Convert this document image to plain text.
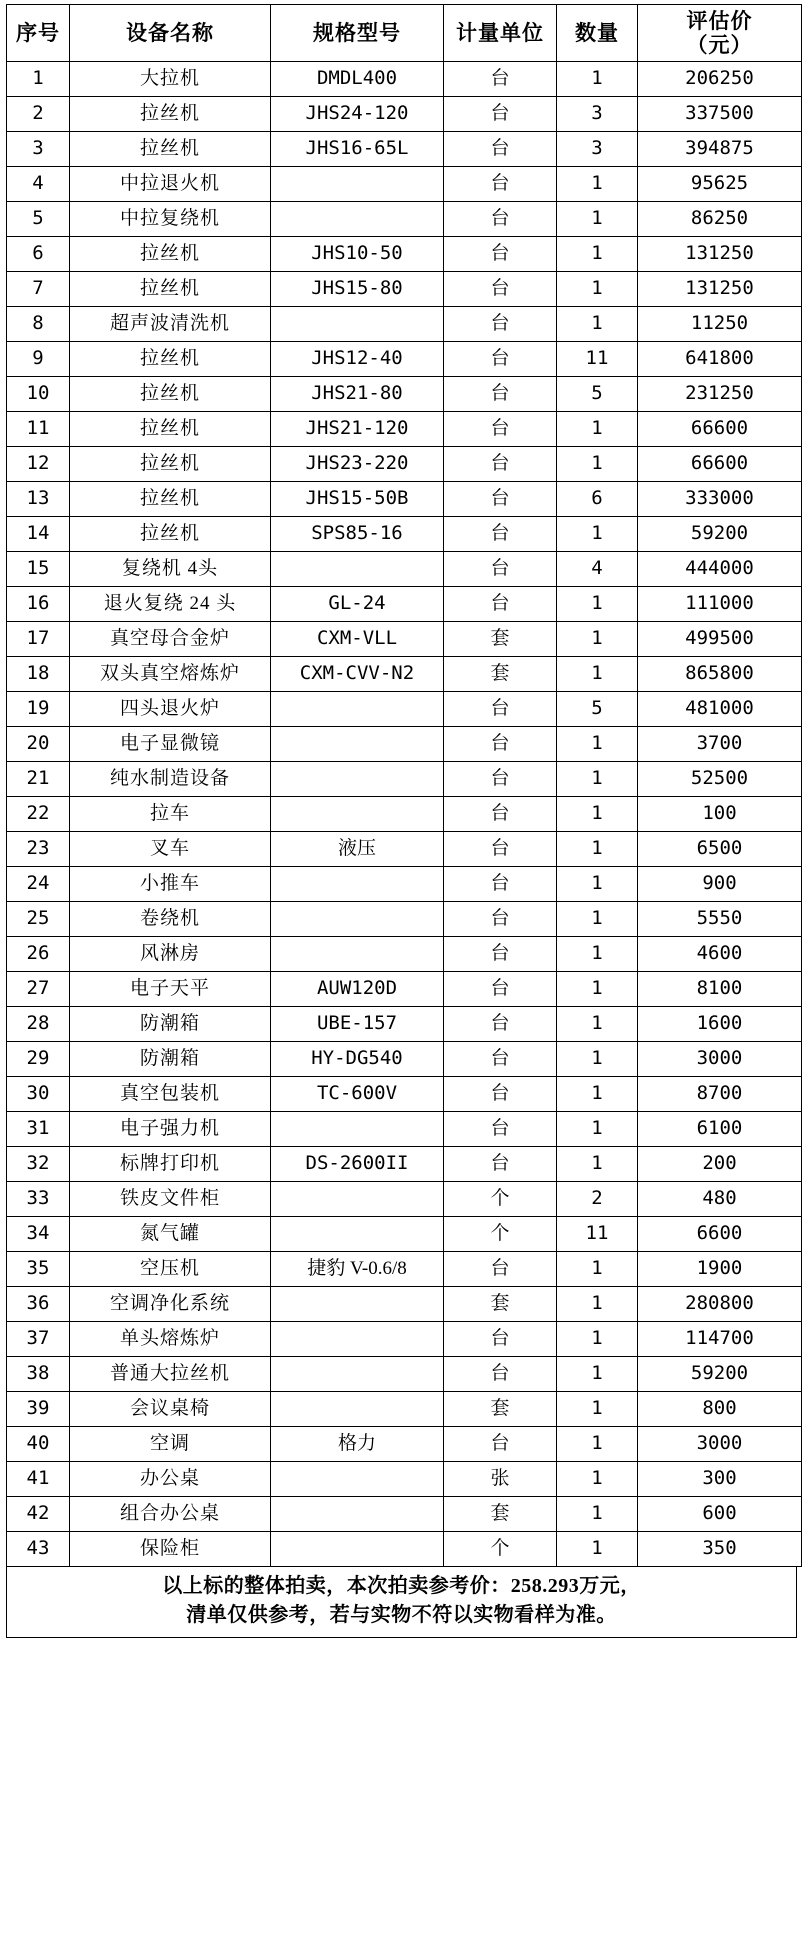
序号	设备名称	规格型号	计量单位	数量	评估价
（元）

1	大拉机	DMDL400	台	1	206250
2	拉丝机	JHS24-120	台	3	337500
3	拉丝机	JHS16-65L	台	3	394875
4	中拉退火机		台	1	95625
5	中拉复绕机		台	1	86250
6	拉丝机	JHS10-50	台	1	131250
7	拉丝机	JHS15-80	台	1	131250
8	超声波清洗机		台	1	11250
9	拉丝机	JHS12-40	台	11	641800
10	拉丝机	JHS21-80	台	5	231250
11	拉丝机	JHS21-120	台	1	66600
12	拉丝机	JHS23-220	台	1	66600
13	拉丝机	JHS15-50B	台	6	333000
14	拉丝机	SPS85-16	台	1	59200
15	复绕机 4头		台	4	444000
16	退火复绕 24 头	GL-24	台	1	111000
17	真空母合金炉	CXM-VLL	套	1	499500
18	双头真空熔炼炉	CXM-CVV-N2	套	1	865800
19	四头退火炉		台	5	481000
20	电子显微镜		台	1	3700
21	纯水制造设备		台	1	52500
22	拉车		台	1	100
23	叉车	液压	台	1	6500
24	小推车		台	1	900
25	卷绕机		台	1	5550
26	风淋房		台	1	4600
27	电子天平	AUW120D	台	1	8100
28	防潮箱	UBE-157	台	1	1600
29	防潮箱	HY-DG540	台	1	3000
30	真空包装机	TC-600V	台	1	8700
31	电子强力机		台	1	6100
32	标牌打印机	DS-2600II	台	1	200
33	铁皮文件柜		个	2	480
34	氮气罐		个	11	6600
35	空压机	捷豹 V-0.6/8	台	1	1900
36	空调净化系统		套	1	280800
37	单头熔炼炉		台	1	114700
38	普通大拉丝机		台	1	59200
39	会议桌椅		套	1	800
40	空调	格力	台	1	3000
41	办公桌		张	1	300
42	组合办公桌		套	1	600
43	保险柜		个	1	350
以上标的整体拍卖，本次拍卖参考价：258.293万元，
清单仅供参考，若与实物不符以实物看样为准。
